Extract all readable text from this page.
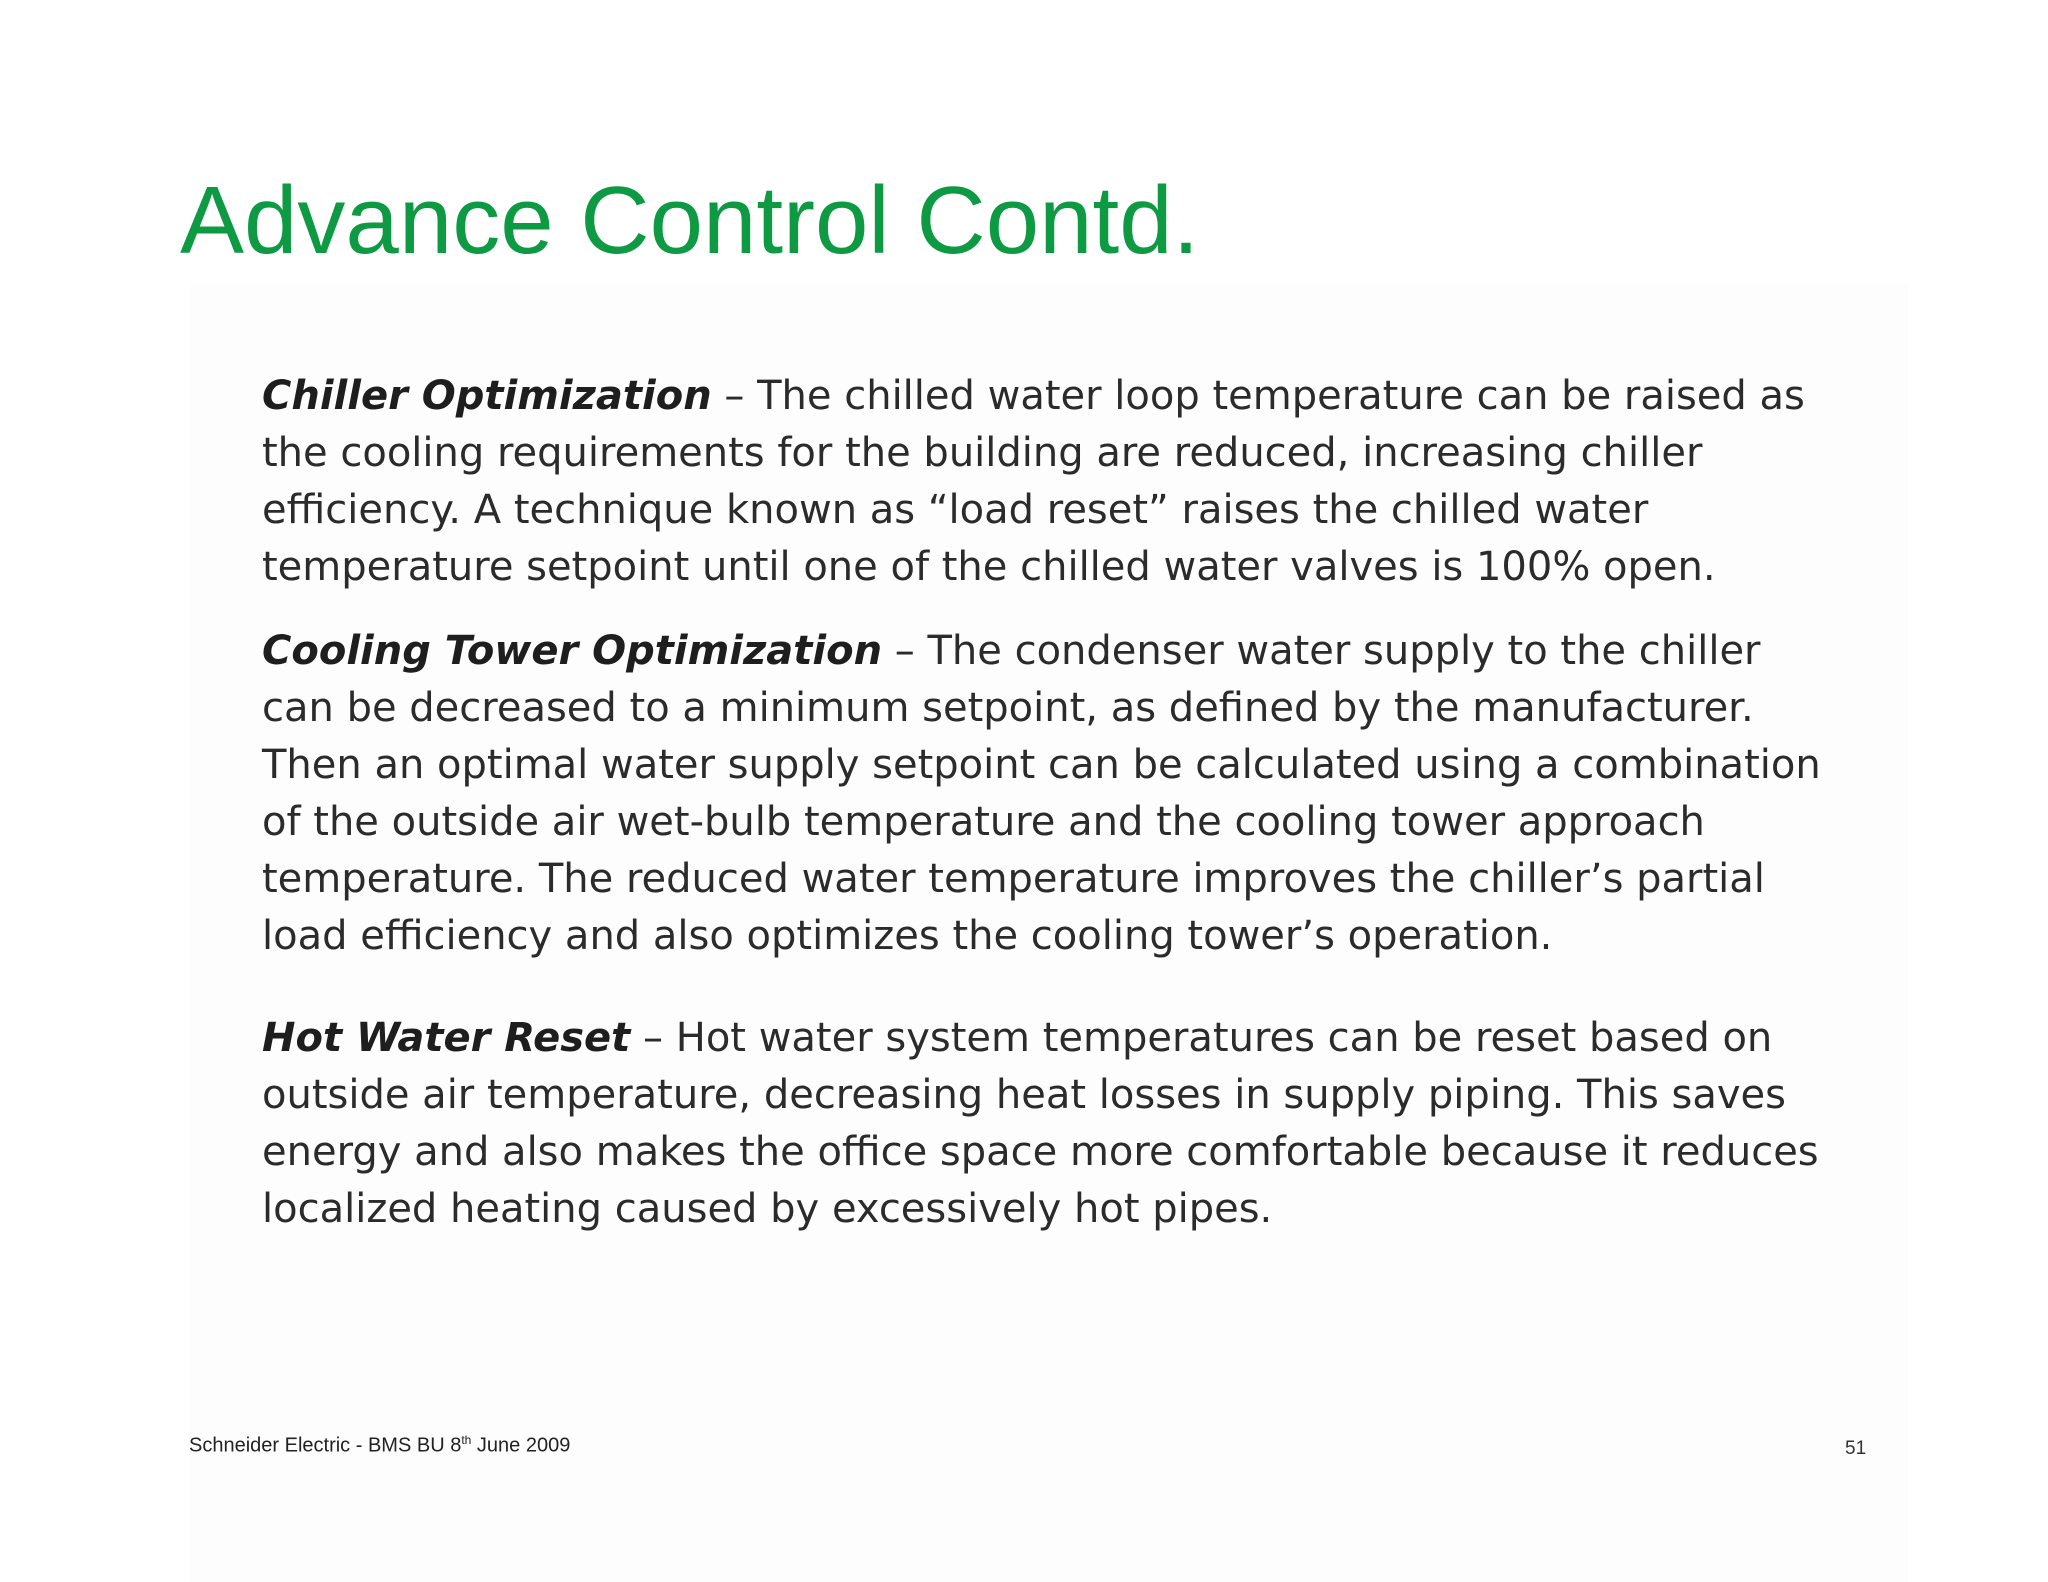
Advance Control Contd.

Chiller Optimization – The chilled water loop temperature can be raised as the cooling requirements for the building are reduced, increasing chiller efficiency. A technique known as “load reset” raises the chilled water temperature setpoint until one of the chilled water valves is 100% open.

Cooling Tower Optimization – The condenser water supply to the chiller can be decreased to a minimum setpoint, as defined by the manufacturer. Then an optimal water supply setpoint can be calculated using a combination of the outside air wet-bulb temperature and the cooling tower approach temperature. The reduced water temperature improves the chiller’s partial load efficiency and also optimizes the cooling tower’s operation.

Hot Water Reset – Hot water system temperatures can be reset based on outside air temperature, decreasing heat losses in supply piping. This saves energy and also makes the office space more comfortable because it reduces localized heating caused by excessively hot pipes.

Schneider Electric - BMS BU 8th June 2009	51
